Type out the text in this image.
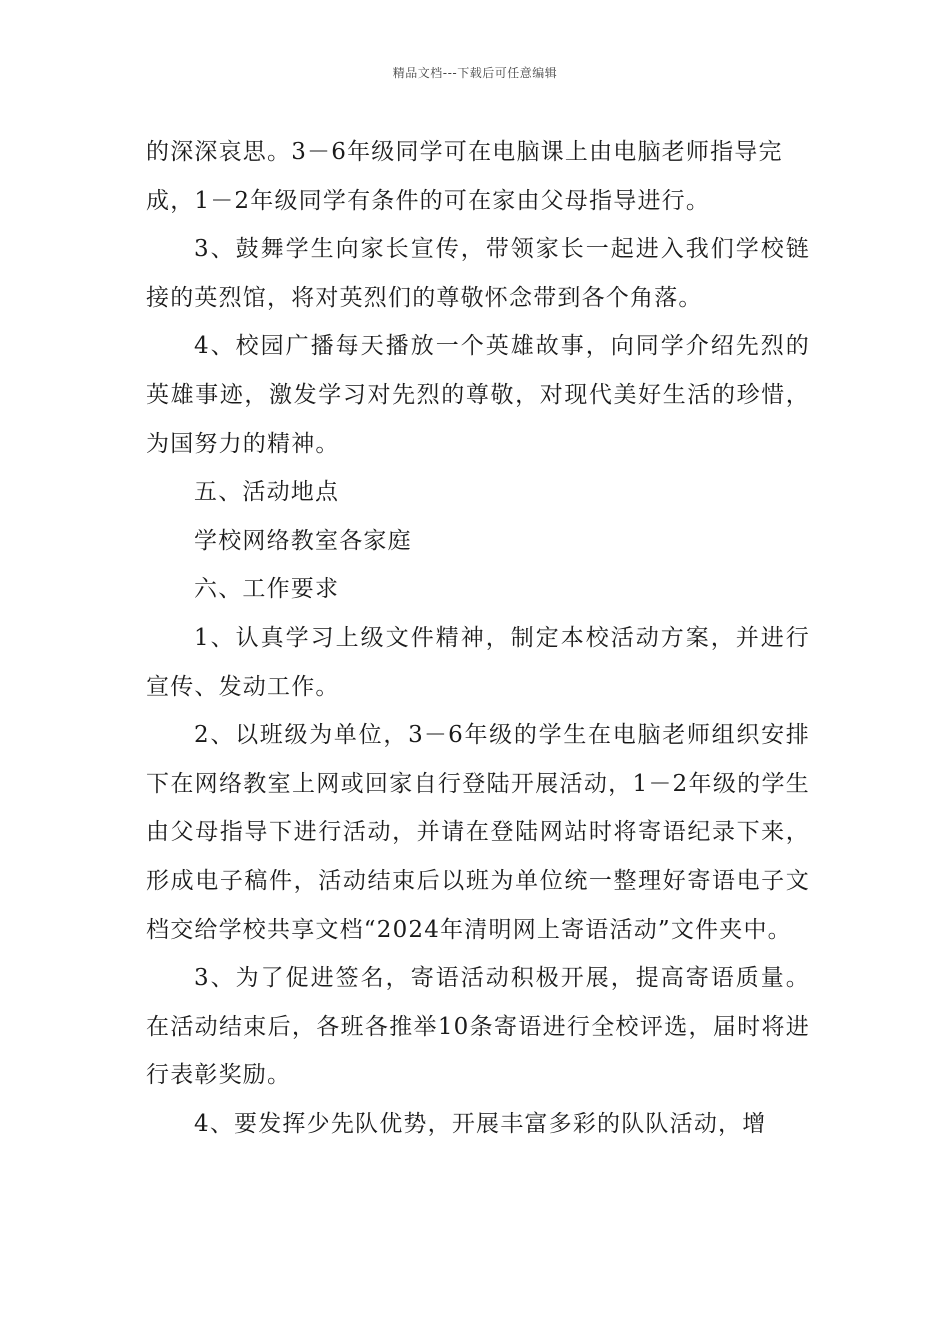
精品文档---下载后可任意编辑

的深深哀思。3－6年级同学可在电脑课上由电脑老师指导完成，1－2年级同学有条件的可在家由父母指导进行。

3、鼓舞学生向家长宣传，带领家长一起进入我们学校链接的英烈馆，将对英烈们的尊敬怀念带到各个角落。

4、校园广播每天播放一个英雄故事，向同学介绍先烈的英雄事迹，激发学习对先烈的尊敬，对现代美好生活的珍惜，为国努力的精神。

五、活动地点

学校网络教室各家庭

六、工作要求

1、认真学习上级文件精神，制定本校活动方案，并进行宣传、发动工作。

2、以班级为单位，3－6年级的学生在电脑老师组织安排下在网络教室上网或回家自行登陆开展活动，1－2年级的学生由父母指导下进行活动，并请在登陆网站时将寄语纪录下来，形成电子稿件，活动结束后以班为单位统一整理好寄语电子文档交给学校共享文档“2024年清明网上寄语活动”文件夹中。

3、为了促进签名，寄语活动积极开展，提高寄语质量。在活动结束后，各班各推举10条寄语进行全校评选，届时将进行表彰奖励。

4、要发挥少先队优势，开展丰富多彩的队队活动，增
